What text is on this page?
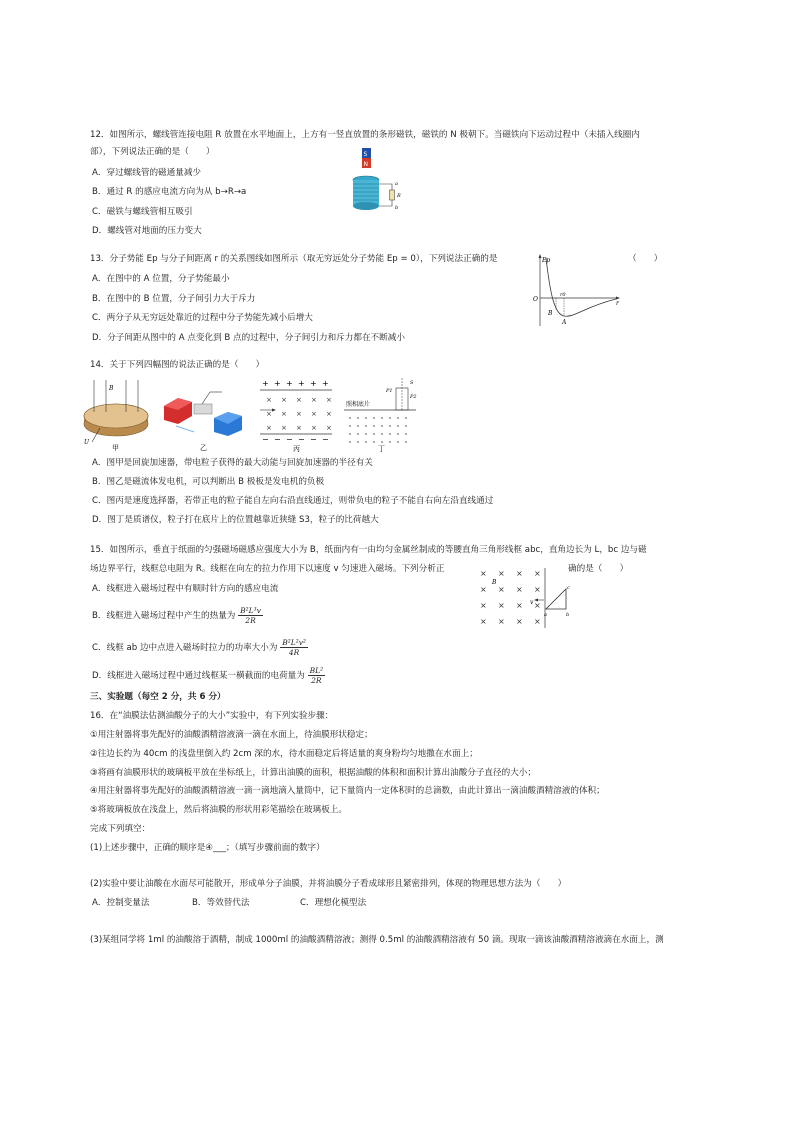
12．如图所示，螺线管连接电阻 R 放置在水平地面上，上方有一竖直放置的条形磁铁，磁铁的 N 极朝下。当磁铁向下运动过程中（未插入线圈内
部），下列说法正确的是（　　）
A．穿过螺线管的磁通量减少
B．通过 R 的感应电流方向为从 b→R→a
C．磁铁与螺线管相互吸引
D．螺线管对地面的压力变大
S
N
a
R
b
13．分子势能 Ep 与分子间距离 r 的关系图线如图所示（取无穷远处分子势能 Ep = 0），下列说法正确的是	（　　）
A．在图中的 A 位置，分子势能最小
B．在图中的 B 位置，分子间引力大于斥力
C．两分子从无穷远处靠近的过程中分子势能先减小后增大
D．分子间距从图中的 A 点变化到 B 点的过程中，分子间引力和斥力都在不断减小
Ep
O
r0
r
B
A
14．关于下列四幅图的说法正确的是（　　）
B
U
甲	乙
+ + + + + +
× × × × ×
× × × × ×
× × × × ×
− − − − − −
丙
照相底片
S
P1
P2
丁
A．图甲是回旋加速器，带电粒子获得的最大动能与回旋加速器的半径有关
B．图乙是磁流体发电机，可以判断出 B 极板是发电机的负极
C．图丙是速度选择器，若带正电的粒子能自左向右沿直线通过，则带负电的粒子不能自右向左沿直线通过
D．图丁是质谱仪，粒子打在底片上的位置越靠近狭缝 S3，粒子的比荷越大
15．如图所示，垂直于纸面的匀强磁场磁感应强度大小为 B，纸面内有一由均匀金属丝制成的等腰直角三角形线框 abc，直角边长为 L，bc 边与磁
场边界平行，线框总电阻为 R。线框在向左的拉力作用下以速度 v 匀速进入磁场。下列分析正	确的是（　　）
A．线框进入磁场过程中有顺时针方向的感应电流
B．线框进入磁场过程中产生的热量为 $\frac{\text{B²L³v}}{2R}$
C．线框 ab 边中点进入磁场时拉力的功率大小为 $\frac{\text{B²L²v²}}{4R}$
D．线框进入磁场过程中通过线框某一横截面的电荷量为 $\frac{\text{BL²}}{2R}$
× × × ×
× × × ×
× × × ×
× × × ×
B
v
a	b
c
三、实验题（每空 2 分，共 6 分）
16．在“油膜法估测油酸分子的大小”实验中，有下列实验步骤：
①用注射器将事先配好的油酸酒精溶液滴一滴在水面上，待油膜形状稳定；
②往边长约为 40cm 的浅盘里倒入约 2cm 深的水，待水面稳定后将适量的爽身粉均匀地撒在水面上；
③将画有油膜形状的玻璃板平放在坐标纸上，计算出油膜的面积，根据油酸的体积和面积计算出油酸分子直径的大小；
④用注射器将事先配好的油酸酒精溶液一滴一滴地滴入量筒中，记下量筒内一定体积时的总滴数，由此计算出一滴油酸酒精溶液的体积；
⑤将玻璃板放在浅盘上，然后将油膜的形状用彩笔描绘在玻璃板上。
完成下列填空：
(1)上述步骤中，正确的顺序是④___；（填写步骤前面的数字）
(2)实验中要让油酸在水面尽可能散开，形成单分子油膜，并将油膜分子看成球形且紧密排列，体现的物理思想方法为（　　）
A．控制变量法	B．等效替代法	C．理想化模型法
(3)某组同学将 1ml 的油酸溶于酒精，制成 1000ml 的油酸酒精溶液；测得 0.5ml 的油酸酒精溶液有 50 滴。现取一滴该油酸酒精溶液滴在水面上，测
